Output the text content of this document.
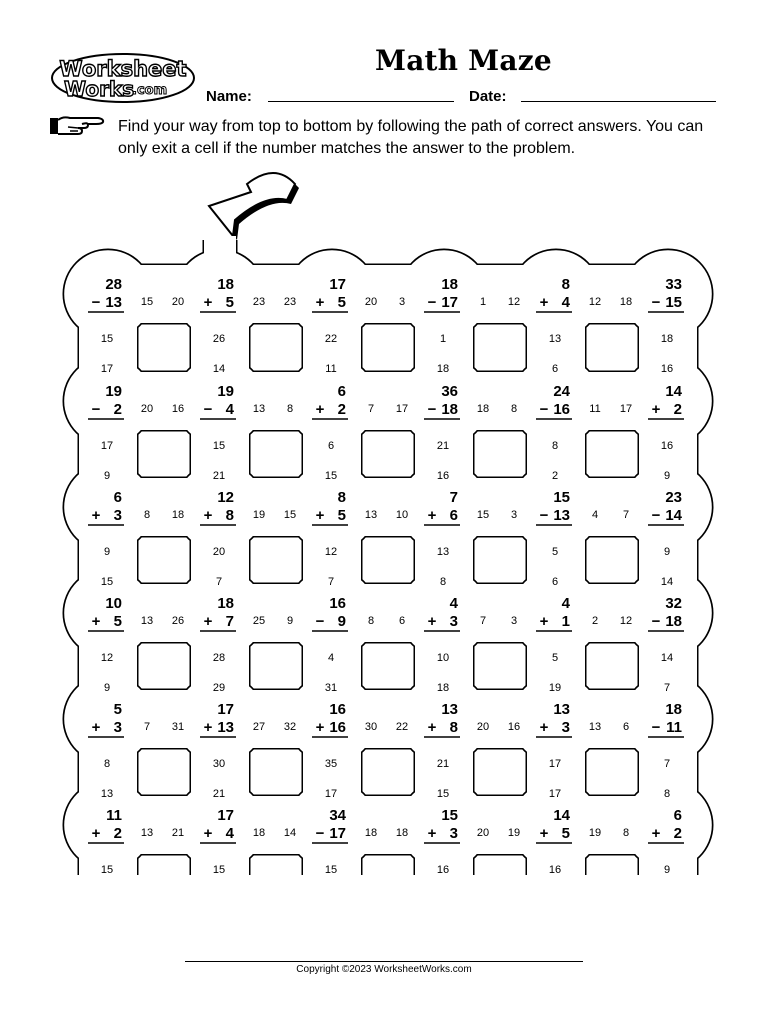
Worksheet
Works
.com
Math Maze
Name:	Date:
Find your way from top to bottom by following the path of correct answers. You can only exit a cell if the number matches the answer to the problem.
28
− 13
18
+ 5
17
+ 5
18
− 17
8
+ 4
33
− 15
19
− 2
19
− 4
6
+ 2
36
− 18
24
− 16
14
+ 2
6
+ 3
12
+ 8
8
+ 5
7
+ 6
15
− 13
23
− 14
10
+ 5
18
+ 7
16
− 9
4
+ 3
4
+ 1
32
− 18
5
+ 3
17
+ 13
16
+ 16
13
+ 8
13
+ 3
18
− 11
11
+ 2
17
+ 4
34
− 17
15
+ 3
14
+ 5
6
+ 2
15 20	23 23	20 3	1 12	12 18
20 16	13 8	7 17	18 8	11 17
8 18	19 15	13 10	15 3	4 7
13 26	25 9	8 6	7 3	2 12
7 31	27 32	30 22	20 16	13 6
13 21	18 14	18 18	20 19	19 8
15
17
26
14
22
11
1
18
13
6
18
16
17
9
15
21
6
15
21
16
8
2
16
9
9
15
20
7
12
7
13
8
5
6
9
14
12
9
28
29
4
31
10
18
5
19
14
7
8
13
30
21
35
17
21
15
17
17
7
8
15	15	15	16	16	9
Copyright ©2023 WorksheetWorks.com
